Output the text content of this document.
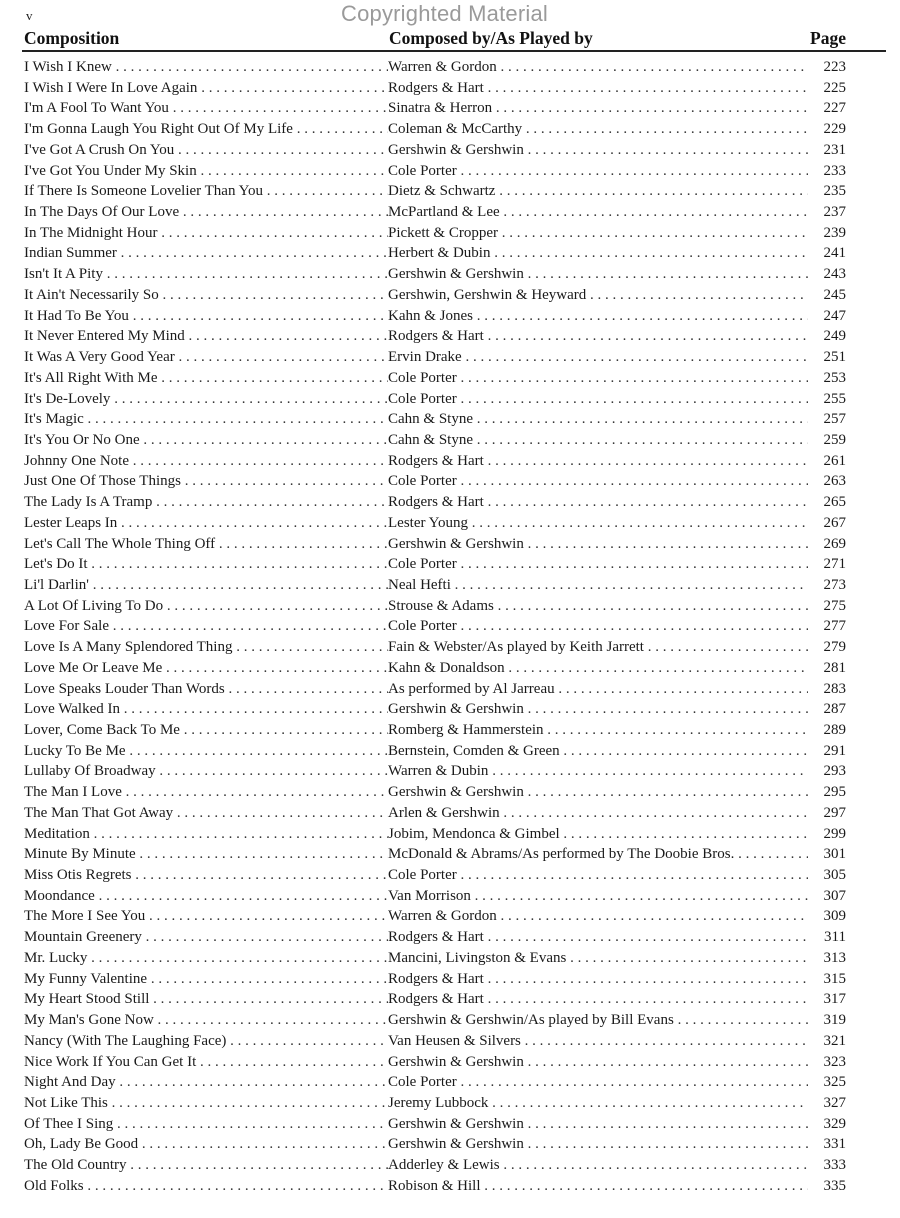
v	Copyrighted Material
Composition	Composed by/As Played by	Page
I Wish I Knew . . .	Warren & Gordon . . .	223
I Wish I Were In Love Again . . .	Rodgers & Hart . . .	225
I'm A Fool To Want You . . .	Sinatra & Herron . . .	227
I'm Gonna Laugh You Right Out Of My Life . . .	Coleman & McCarthy . . .	229
I've Got A Crush On You . . .	Gershwin & Gershwin . . .	231
I've Got You Under My Skin . . .	Cole Porter . . .	233
If There Is Someone Lovelier Than You . . .	Dietz & Schwartz . . .	235
In The Days Of Our Love . . .	McPartland & Lee . . .	237
In The Midnight Hour . . .	Pickett & Cropper . . .	239
Indian Summer . . .	Herbert & Dubin . . .	241
Isn't It A Pity . . .	Gershwin & Gershwin . . .	243
It Ain't Necessarily So . . .	Gershwin, Gershwin & Heyward . . .	245
It Had To Be You . . .	Kahn & Jones . . .	247
It Never Entered My Mind . . .	Rodgers & Hart . . .	249
It Was A Very Good Year . . .	Ervin Drake . . .	251
It's All Right With Me . . .	Cole Porter . . .	253
It's De-Lovely . . .	Cole Porter . . .	255
It's Magic . . .	Cahn & Styne . . .	257
It's You Or No One . . .	Cahn & Styne . . .	259
Johnny One Note . . .	Rodgers & Hart . . .	261
Just One Of Those Things . . .	Cole Porter . . .	263
The Lady Is A Tramp . . .	Rodgers & Hart . . .	265
Lester Leaps In . . .	Lester Young . . .	267
Let's Call The Whole Thing Off . . .	Gershwin & Gershwin . . .	269
Let's Do It . . .	Cole Porter . . .	271
Li'l Darlin' . . .	Neal Hefti . . .	273
A Lot Of Living To Do . . .	Strouse & Adams . . .	275
Love For Sale . . .	Cole Porter . . .	277
Love Is A Many Splendored Thing . . .	Fain & Webster/As played by Keith Jarrett . . .	279
Love Me Or Leave Me . . .	Kahn & Donaldson . . .	281
Love Speaks Louder Than Words . . .	As performed by Al Jarreau . . .	283
Love Walked In . . .	Gershwin & Gershwin . . .	287
Lover, Come Back To Me . . .	Romberg & Hammerstein . . .	289
Lucky To Be Me . . .	Bernstein, Comden & Green . . .	291
Lullaby Of Broadway . . .	Warren & Dubin . . .	293
The Man I Love . . .	Gershwin & Gershwin . . .	295
The Man That Got Away . . .	Arlen & Gershwin . . .	297
Meditation . . .	Jobim, Mendonca & Gimbel . . .	299
Minute By Minute . . .	McDonald & Abrams/As performed by The Doobie Bros. . . .	301
Miss Otis Regrets . . .	Cole Porter . . .	305
Moondance . . .	Van Morrison . . .	307
The More I See You . . .	Warren & Gordon . . .	309
Mountain Greenery . . .	Rodgers & Hart . . .	311
Mr. Lucky . . .	Mancini, Livingston & Evans . . .	313
My Funny Valentine . . .	Rodgers & Hart . . .	315
My Heart Stood Still . . .	Rodgers & Hart . . .	317
My Man's Gone Now . . .	Gershwin & Gershwin/As played by Bill Evans . . .	319
Nancy (With The Laughing Face) . . .	Van Heusen & Silvers . . .	321
Nice Work If You Can Get It . . .	Gershwin & Gershwin . . .	323
Night And Day . . .	Cole Porter . . .	325
Not Like This . . .	Jeremy Lubbock . . .	327
Of Thee I Sing . . .	Gershwin & Gershwin . . .	329
Oh, Lady Be Good . . .	Gershwin & Gershwin . . .	331
The Old Country . . .	Adderley & Lewis . . .	333
Old Folks . . .	Robison & Hill . . .	335
